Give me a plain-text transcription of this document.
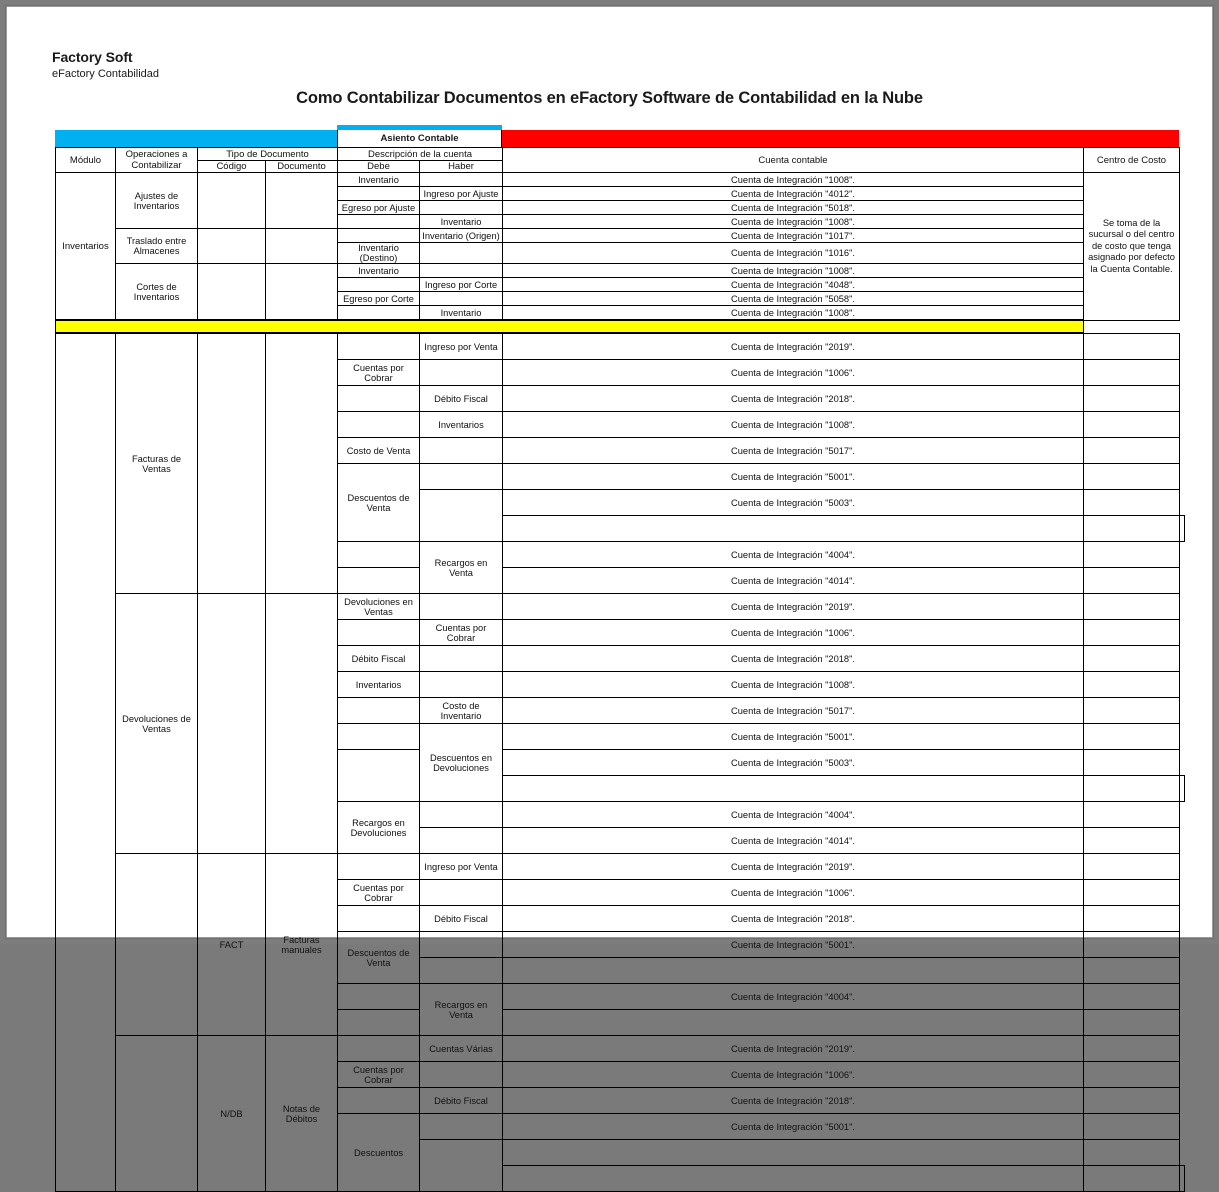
Factory Soft
eFactory Contabilidad
Como Contabilizar Documentos en eFactory Software de Contabilidad en la Nube
Asiento Contable
Módulo	Operaciones a Contabilizar	Tipo de Documento		Descripción de la cuenta		Cuenta contable	Centro de Costo	
		Código	Documento	Debe	Haber			
Inventarios	Ajustes de Inventarios			Inventario		Cuenta de Integración "1008".	Se toma de la sucursal o del centro de costo que tenga asignado por defecto la Cuenta Contable.	
					Ingreso por Ajuste	Cuenta de Integración "4012".		
				Egreso por Ajuste		Cuenta de Integración "5018".		
					Inventario	Cuenta de Integración "1008".		
	Traslado entre Almacenes				Inventario (Origen)	Cuenta de Integración "1017".		
				Inventario (Destino)		Cuenta de Integración "1016".		
	Cortes de Inventarios			Inventario		Cuenta de Integración "1008".		
					Ingreso por Corte	Cuenta de Integración "4048".		
				Egreso por Corte		Cuenta de Integración "5058".		
					Inventario	Cuenta de Integración "1008".		

	Facturas de Ventas				Ingreso por Venta	Cuenta de Integración "2019".		
				Cuentas por Cobrar		Cuenta de Integración "1006".		
					Débito Fiscal	Cuenta de Integración "2018".		
					Inventarios	Cuenta de Integración "1008".		
				Costo de Venta		Cuenta de Integración "5017".		
				Descuentos de Venta		Cuenta de Integración "5001".		
						Cuenta de Integración "5003".		

					Recargos en Venta	Cuenta de Integración "4004".		
						Cuenta de Integración "4014".		
	Devoluciones de Ventas			Devoluciones en Ventas		Cuenta de Integración "2019".		
					Cuentas por Cobrar	Cuenta de Integración "1006".		
				Débito Fiscal		Cuenta de Integración "2018".		
				Inventarios		Cuenta de Integración "1008".		
					Costo de Inventario	Cuenta de Integración "5017".		
					Descuentos en Devoluciones	Cuenta de Integración "5001".		
						Cuenta de Integración "5003".		

				Recargos en Devoluciones		Cuenta de Integración "4004".		
						Cuenta de Integración "4014".		
		FACT	Facturas manuales		Ingreso por Venta	Cuenta de Integración "2019".		
				Cuentas por Cobrar		Cuenta de Integración "1006".		
					Débito Fiscal	Cuenta de Integración "2018".		
				Descuentos de Venta		Cuenta de Integración "5001".		

					Recargos en Venta	Cuenta de Integración "4004".		

		N/DB	Notas de Débitos		Cuentas Várias	Cuenta de Integración "2019".		
				Cuentas por Cobrar		Cuenta de Integración "1006".		
					Débito Fiscal	Cuenta de Integración "2018".		
				Descuentos		Cuenta de Integración "5001".		
